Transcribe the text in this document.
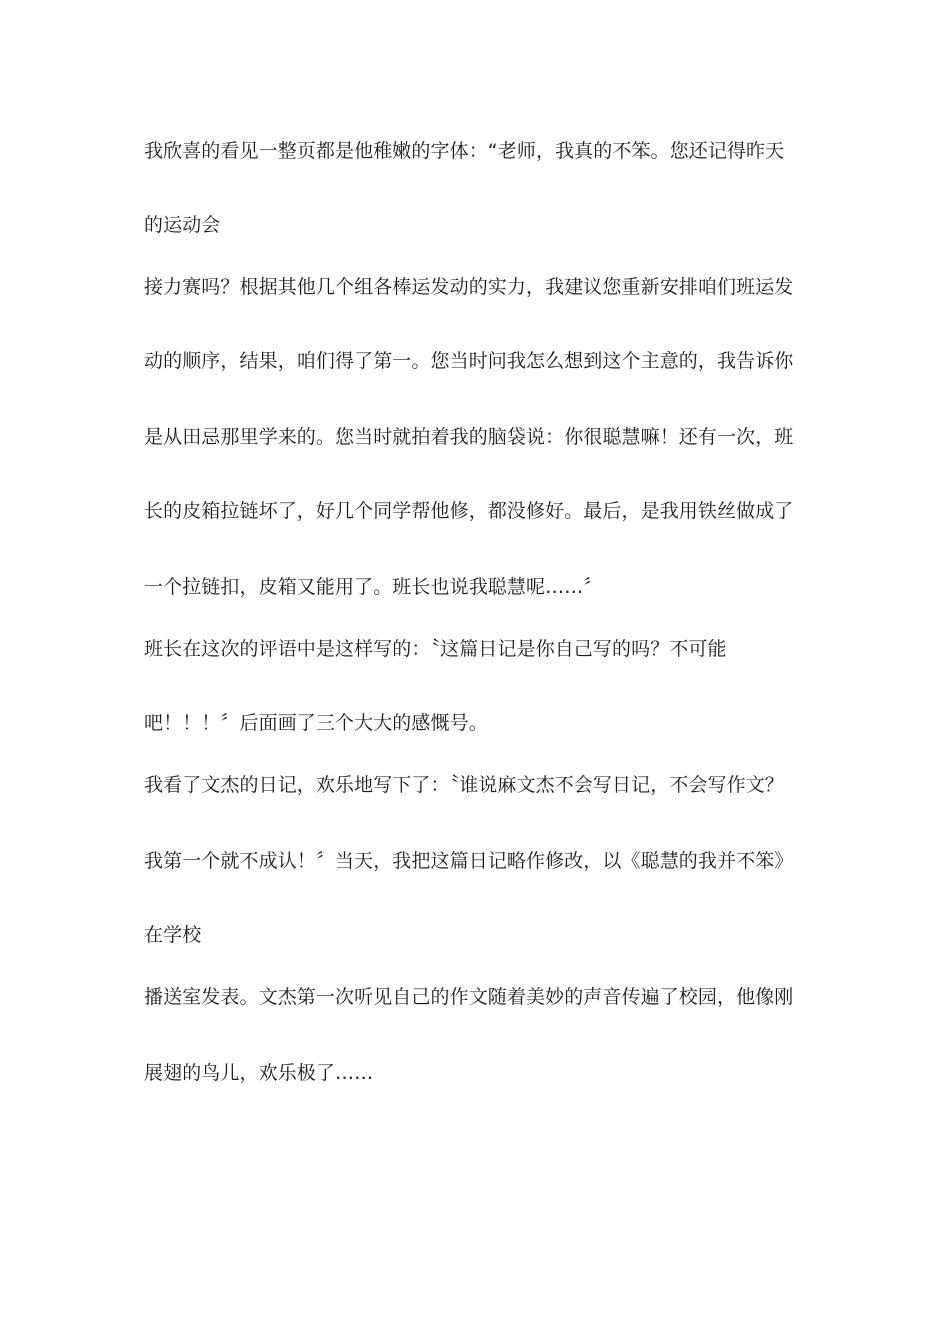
我欣喜的看见一整页都是他稚嫩的字体：“老师，我真的不笨。您还记得昨天
的运动会
接力赛吗？根据其他几个组各棒运发动的实力，我建议您重新安排咱们班运发
动的顺序，结果，咱们得了第一。您当时问我怎么想到这个主意的，我告诉你
是从田忌那里学来的。您当时就拍着我的脑袋说：你很聪慧嘛！还有一次，班
长的皮箱拉链坏了，好几个同学帮他修，都没修好。最后，是我用铁丝做成了
一个拉链扣，皮箱又能用了。班长也说我聪慧呢……〞
班长在这次的评语中是这样写的：〝这篇日记是你自己写的吗？不可能
吧！！！〞后面画了三个大大的感慨号。
我看了文杰的日记，欢乐地写下了：〝谁说麻文杰不会写日记，不会写作文？
我第一个就不成认！〞当天，我把这篇日记略作修改，以《聪慧的我并不笨》
在学校
播送室发表。文杰第一次听见自己的作文随着美妙的声音传遍了校园，他像刚
展翅的鸟儿，欢乐极了……
